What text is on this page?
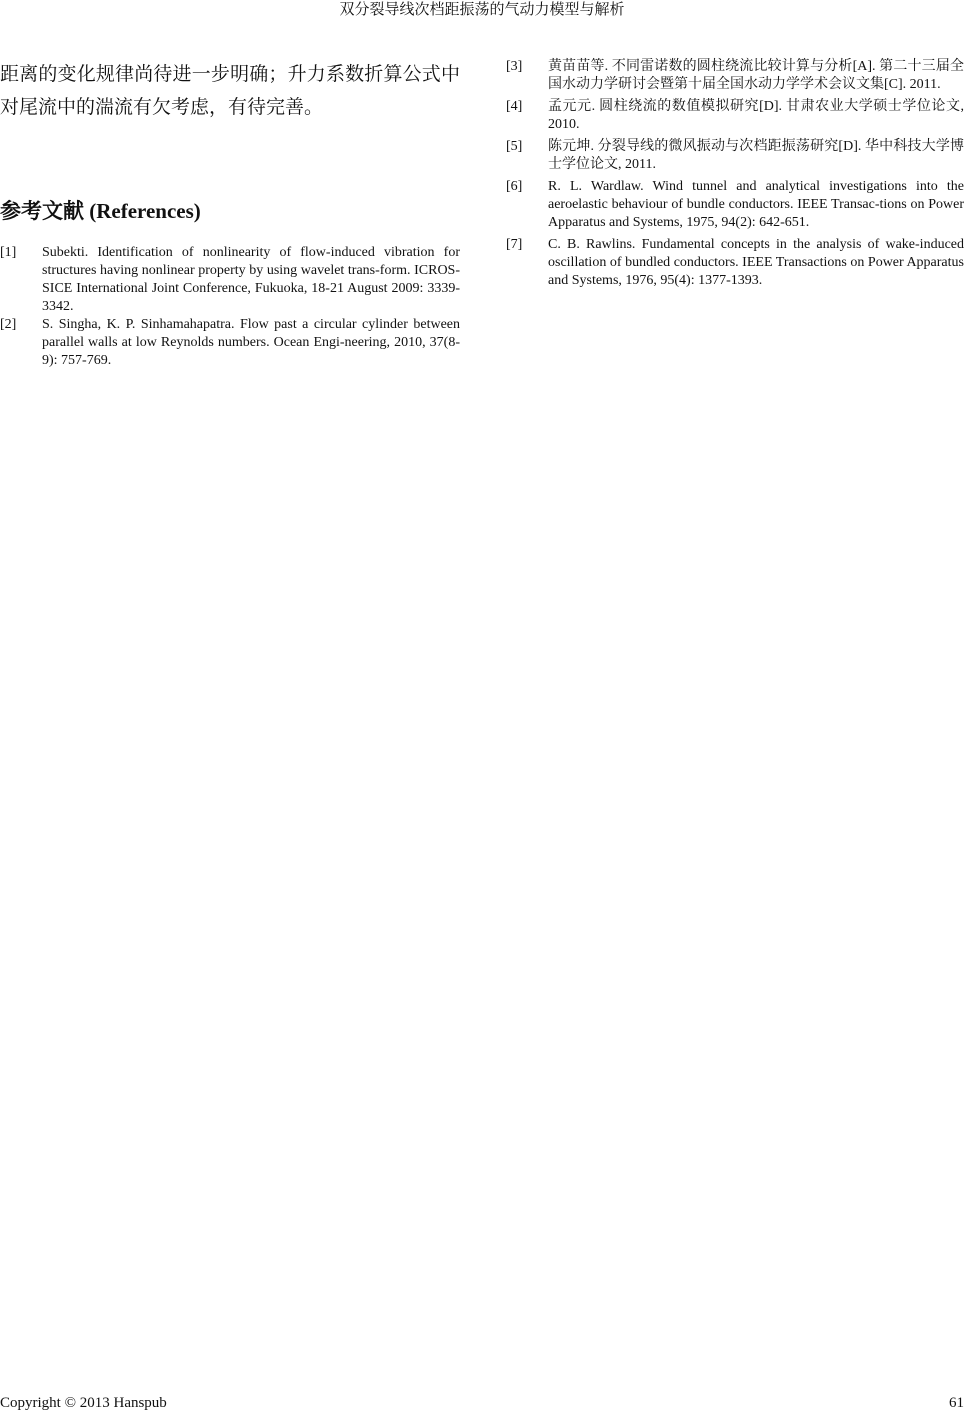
双分裂导线次档距振荡的气动力模型与解析

距离的变化规律尚待进一步明确；升力系数折算公式中对尾流中的湍流有欠考虑，有待完善。

参考文献 (References)
[1] Subekti. Identification of nonlinearity of flow-induced vibration for structures having nonlinear property by using wavelet trans-form. ICROS-SICE International Joint Conference, Fukuoka, 18-21 August 2009: 3339-3342.
[2] S. Singha, K. P. Sinhamahapatra. Flow past a circular cylinder between parallel walls at low Reynolds numbers. Ocean Engi-neering, 2010, 37(8-9): 757-769.
[3] 黄苗苗等. 不同雷诺数的圆柱绕流比较计算与分析[A]. 第二十三届全国水动力学研讨会暨第十届全国水动力学学术会议文集[C]. 2011.
[4] 孟元元. 圆柱绕流的数值模拟研究[D]. 甘肃农业大学硕士学位论文, 2010.
[5] 陈元坤. 分裂导线的微风振动与次档距振荡研究[D]. 华中科技大学博士学位论文, 2011.
[6] R. L. Wardlaw. Wind tunnel and analytical investigations into the aeroelastic behaviour of bundle conductors. IEEE Transac-tions on Power Apparatus and Systems, 1975, 94(2): 642-651.
[7] C. B. Rawlins. Fundamental concepts in the analysis of wake-induced oscillation of bundled conductors. IEEE Transactions on Power Apparatus and Systems, 1976, 95(4): 1377-1393.
Copyright © 2013 Hanspub	61
